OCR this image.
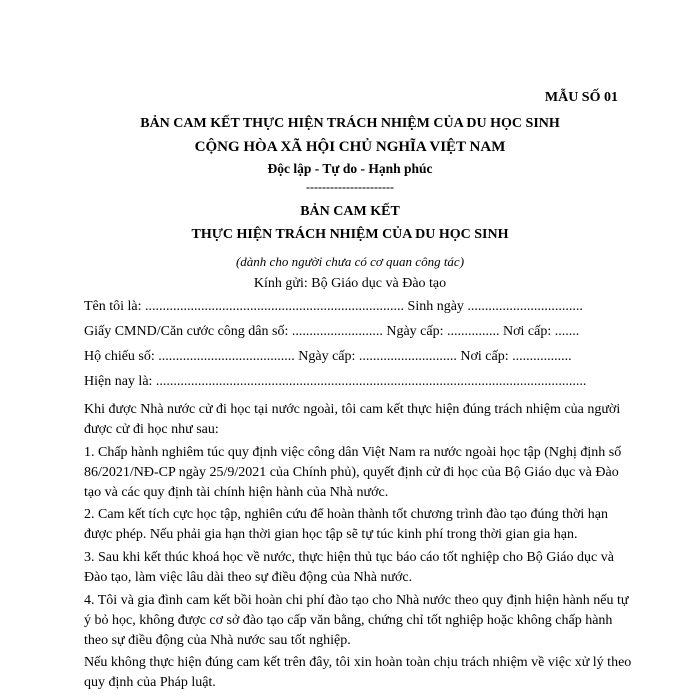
MẪU SỐ 01
BẢN CAM KẾT THỰC HIỆN TRÁCH NHIỆM CỦA DU HỌC SINH
CỘNG HÒA XÃ HỘI CHỦ NGHĨA VIỆT NAM
Độc lập - Tự do - Hạnh phúc
----------------------
BẢN CAM KẾT
THỰC HIỆN TRÁCH NHIỆM CỦA DU HỌC SINH
(dành cho người chưa có cơ quan công tác)
Kính gửi: Bộ Giáo dục và Đào tạo
Tên tôi là: .......................................................................... Sinh ngày .................................
Giấy CMND/Căn cước công dân số: .......................... Ngày cấp: ............... Nơi cấp: .......
Hộ chiếu số: ....................................... Ngày cấp: ............................ Nơi cấp: .................
Hiện nay là: ...........................................................................................................................
Khi được Nhà nước cử đi học tại nước ngoài, tôi cam kết thực hiện đúng trách nhiệm của người được cử đi học như sau:
1. Chấp hành nghiêm túc quy định việc công dân Việt Nam ra nước ngoài học tập (Nghị định số 86/2021/NĐ-CP ngày 25/9/2021 của Chính phủ), quyết định cử đi học của Bộ Giáo dục và Đào tạo và các quy định tài chính hiện hành của Nhà nước.
2. Cam kết tích cực học tập, nghiên cứu để hoàn thành tốt chương trình đào tạo đúng thời hạn được phép. Nếu phải gia hạn thời gian học tập sẽ tự túc kinh phí trong thời gian gia hạn.
3. Sau khi kết thúc khoá học về nước, thực hiện thủ tục báo cáo tốt nghiệp cho Bộ Giáo dục và Đào tạo, làm việc lâu dài theo sự điều động của Nhà nước.
4. Tôi và gia đình cam kết bồi hoàn chi phí đào tạo cho Nhà nước theo quy định hiện hành nếu tự ý bỏ học, không được cơ sở đào tạo cấp văn bằng, chứng chỉ tốt nghiệp hoặc không chấp hành theo sự điều động của Nhà nước sau tốt nghiệp.
Nếu không thực hiện đúng cam kết trên đây, tôi xin hoàn toàn chịu trách nhiệm về việc xử lý theo quy định của Pháp luật.
